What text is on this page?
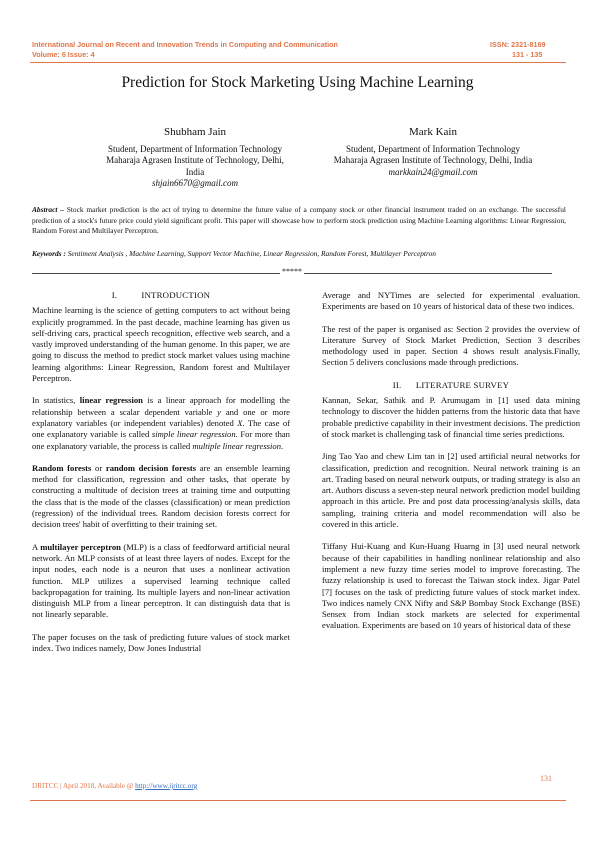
International Journal on Recent and Innovation Trends in Computing and Communication
Volume: 6 Issue: 4
ISSN: 2321-8169
131 - 135
Prediction for Stock Marketing Using Machine Learning
Shubham Jain
Student, Department of Information Technology
Maharaja Agrasen Institute of Technology, Delhi, India
shjain6670@gmail.com
Mark Kain
Student, Department of Information Technology
Maharaja Agrasen Institute of Technology, Delhi, India
markkain24@gmail.com
Abstract – Stock market prediction is the act of trying to determine the future value of a company stock or other financial instrument traded on an exchange. The successful prediction of a stock's future price could yield significant profit. This paper will showcase how to perform stock prediction using Machine Learning algorithms: Linear Regression, Random Forest and Multilayer Perceptron.
Keywords : Sentiment Analysis , Machine Learning, Support Vector Machine, Linear Regression, Random Forest, Multilayer Perceptron
*****
I.          INTRODUCTION

Machine learning is the science of getting computers to act without being explicitly programmed. In the past decade, machine learning has given us self-driving cars, practical speech recognition, effective web search, and a vastly improved understanding of the human genome. In this paper, we are going to discuss the method to predict stock market values using machine learning algorithms: Linear Regression, Random forest and Multilayer Perceptron.

In statistics, linear regression is a linear approach for modelling the relationship between a scalar dependent variable y and one or more explanatory variables (or independent variables) denoted X. The case of one explanatory variable is called simple linear regression. For more than one explanatory variable, the process is called multiple linear regression.

Random forests or random decision forests are an ensemble learning method for classification, regression and other tasks, that operate by constructing a multitude of decision trees at training time and outputting the class that is the mode of the classes (classification) or mean prediction (regression) of the individual trees. Random decision forests correct for decision trees' habit of overfitting to their training set.

A multilayer perceptron (MLP) is a class of feedforward artificial neural network. An MLP consists of at least three layers of nodes. Except for the input nodes, each node is a neuron that uses a nonlinear activation function. MLP utilizes a supervised learning technique called backpropagation for training. Its multiple layers and non-linear activation distinguish MLP from a linear perceptron. It can distinguish data that is not linearly separable.

The paper focuses on the task of predicting future values of stock market index. Two indices namely, Dow Jones Industrial

Average and NYTimes are selected for experimental evaluation. Experiments are based on 10 years of historical data of these two indices.

The rest of the paper is organised as: Section 2 provides the overview of Literature Survey of Stock Market Prediction, Section 3 describes methodology used in paper. Section 4 shows result analysis.Finally, Section 5 delivers conclusions made through predictions.

II.      LITERATURE SURVEY

Kannan, Sekar, Sathik and P. Arumugam in [1] used data mining technology to discover the hidden patterns from the historic data that have probable predictive capability in their investment decisions. The prediction of stock market is challenging task of financial time series predictions.

Jing Tao Yao and chew Lim tan in [2] used artificial neural networks for classification, prediction and recognition. Neural network training is an art. Trading based on neural network outputs, or trading strategy is also an art. Authors discuss a seven-step neural network prediction model building approach in this article. Pre and post data processing/analysis skills, data sampling, training criteria and model recommendation will also be covered in this article.

Tiffany Hui-Kuang and Kun-Huang Huarng in [3] used neural network because of their capabilities in handling nonlinear relationship and also implement a new fuzzy time series model to improve forecasting. The fuzzy relationship is used to forecast the Taiwan stock index. Jigar Patel [7] focuses on the task of predicting future values of stock market index. Two indices namely CNX Nifty and S&P Bombay Stock Exchange (BSE) Sensex from Indian stock markets are selected for experimental evaluation. Experiments are based on 10 years of historical data of these

131
IJRITCC | April 2018, Available @ http://www.ijritcc.org
